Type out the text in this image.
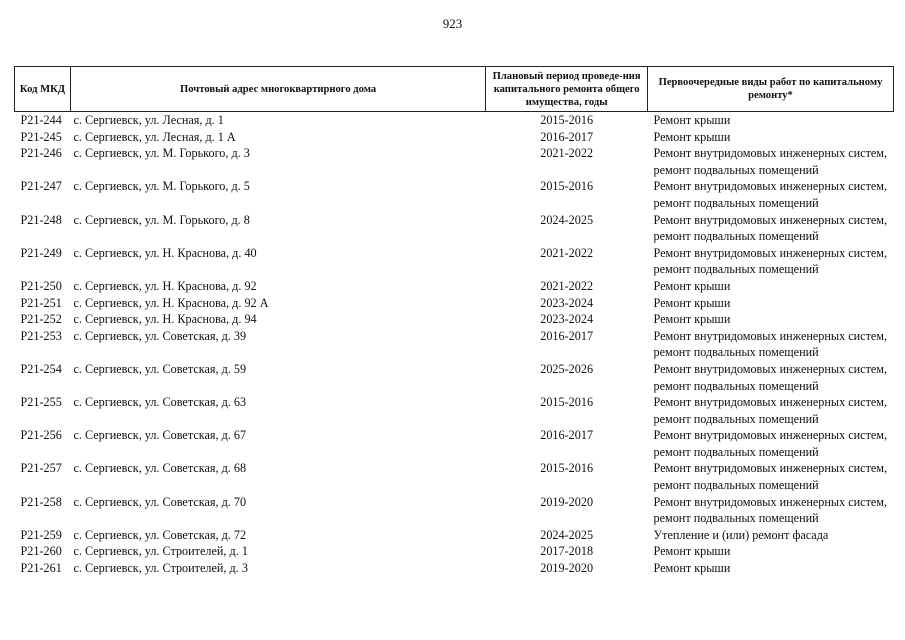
923
Код МКД	Почтовый адрес многоквартирного дома	Плановый период проведе-ния капитального ремонта общего имущества, годы	Первоочередные виды работ по капитальному ремонту*
Р21-244	с. Сергиевск, ул. Лесная, д. 1	2015-2016	Ремонт крыши

Р21-245	с. Сергиевск, ул. Лесная, д. 1 А	2016-2017	Ремонт крыши

Р21-246	с. Сергиевск, ул. М. Горького, д. 3	2021-2022	Ремонт внутридомовых инженерных систем,
ремонт подвальных помещений

Р21-247	с. Сергиевск, ул. М. Горького, д. 5	2015-2016	Ремонт внутридомовых инженерных систем,
ремонт подвальных помещений

Р21-248	с. Сергиевск, ул. М. Горького, д. 8	2024-2025	Ремонт внутридомовых инженерных систем,
ремонт подвальных помещений

Р21-249	с. Сергиевск, ул. Н. Краснова, д. 40	2021-2022	Ремонт внутридомовых инженерных систем,
ремонт подвальных помещений

Р21-250	с. Сергиевск, ул. Н. Краснова, д. 92	2021-2022	Ремонт крыши

Р21-251	с. Сергиевск, ул. Н. Краснова, д. 92 А	2023-2024	Ремонт крыши

Р21-252	с. Сергиевск, ул. Н. Краснова, д. 94	2023-2024	Ремонт крыши

Р21-253	с. Сергиевск, ул. Советская, д. 39	2016-2017	Ремонт внутридомовых инженерных систем,
ремонт подвальных помещений

Р21-254	с. Сергиевск, ул. Советская, д. 59	2025-2026	Ремонт внутридомовых инженерных систем,
ремонт подвальных помещений

Р21-255	с. Сергиевск, ул. Советская, д. 63	2015-2016	Ремонт внутридомовых инженерных систем,
ремонт подвальных помещений

Р21-256	с. Сергиевск, ул. Советская, д. 67	2016-2017	Ремонт внутридомовых инженерных систем,
ремонт подвальных помещений

Р21-257	с. Сергиевск, ул. Советская, д. 68	2015-2016	Ремонт внутридомовых инженерных систем,
ремонт подвальных помещений

Р21-258	с. Сергиевск, ул. Советская, д. 70	2019-2020	Ремонт внутридомовых инженерных систем,
ремонт подвальных помещений

Р21-259	с. Сергиевск, ул. Советская, д. 72	2024-2025	Утепление и (или) ремонт фасада

Р21-260	с. Сергиевск, ул. Строителей, д. 1	2017-2018	Ремонт крыши

Р21-261	с. Сергиевск, ул. Строителей, д. 3	2019-2020	Ремонт крыши
